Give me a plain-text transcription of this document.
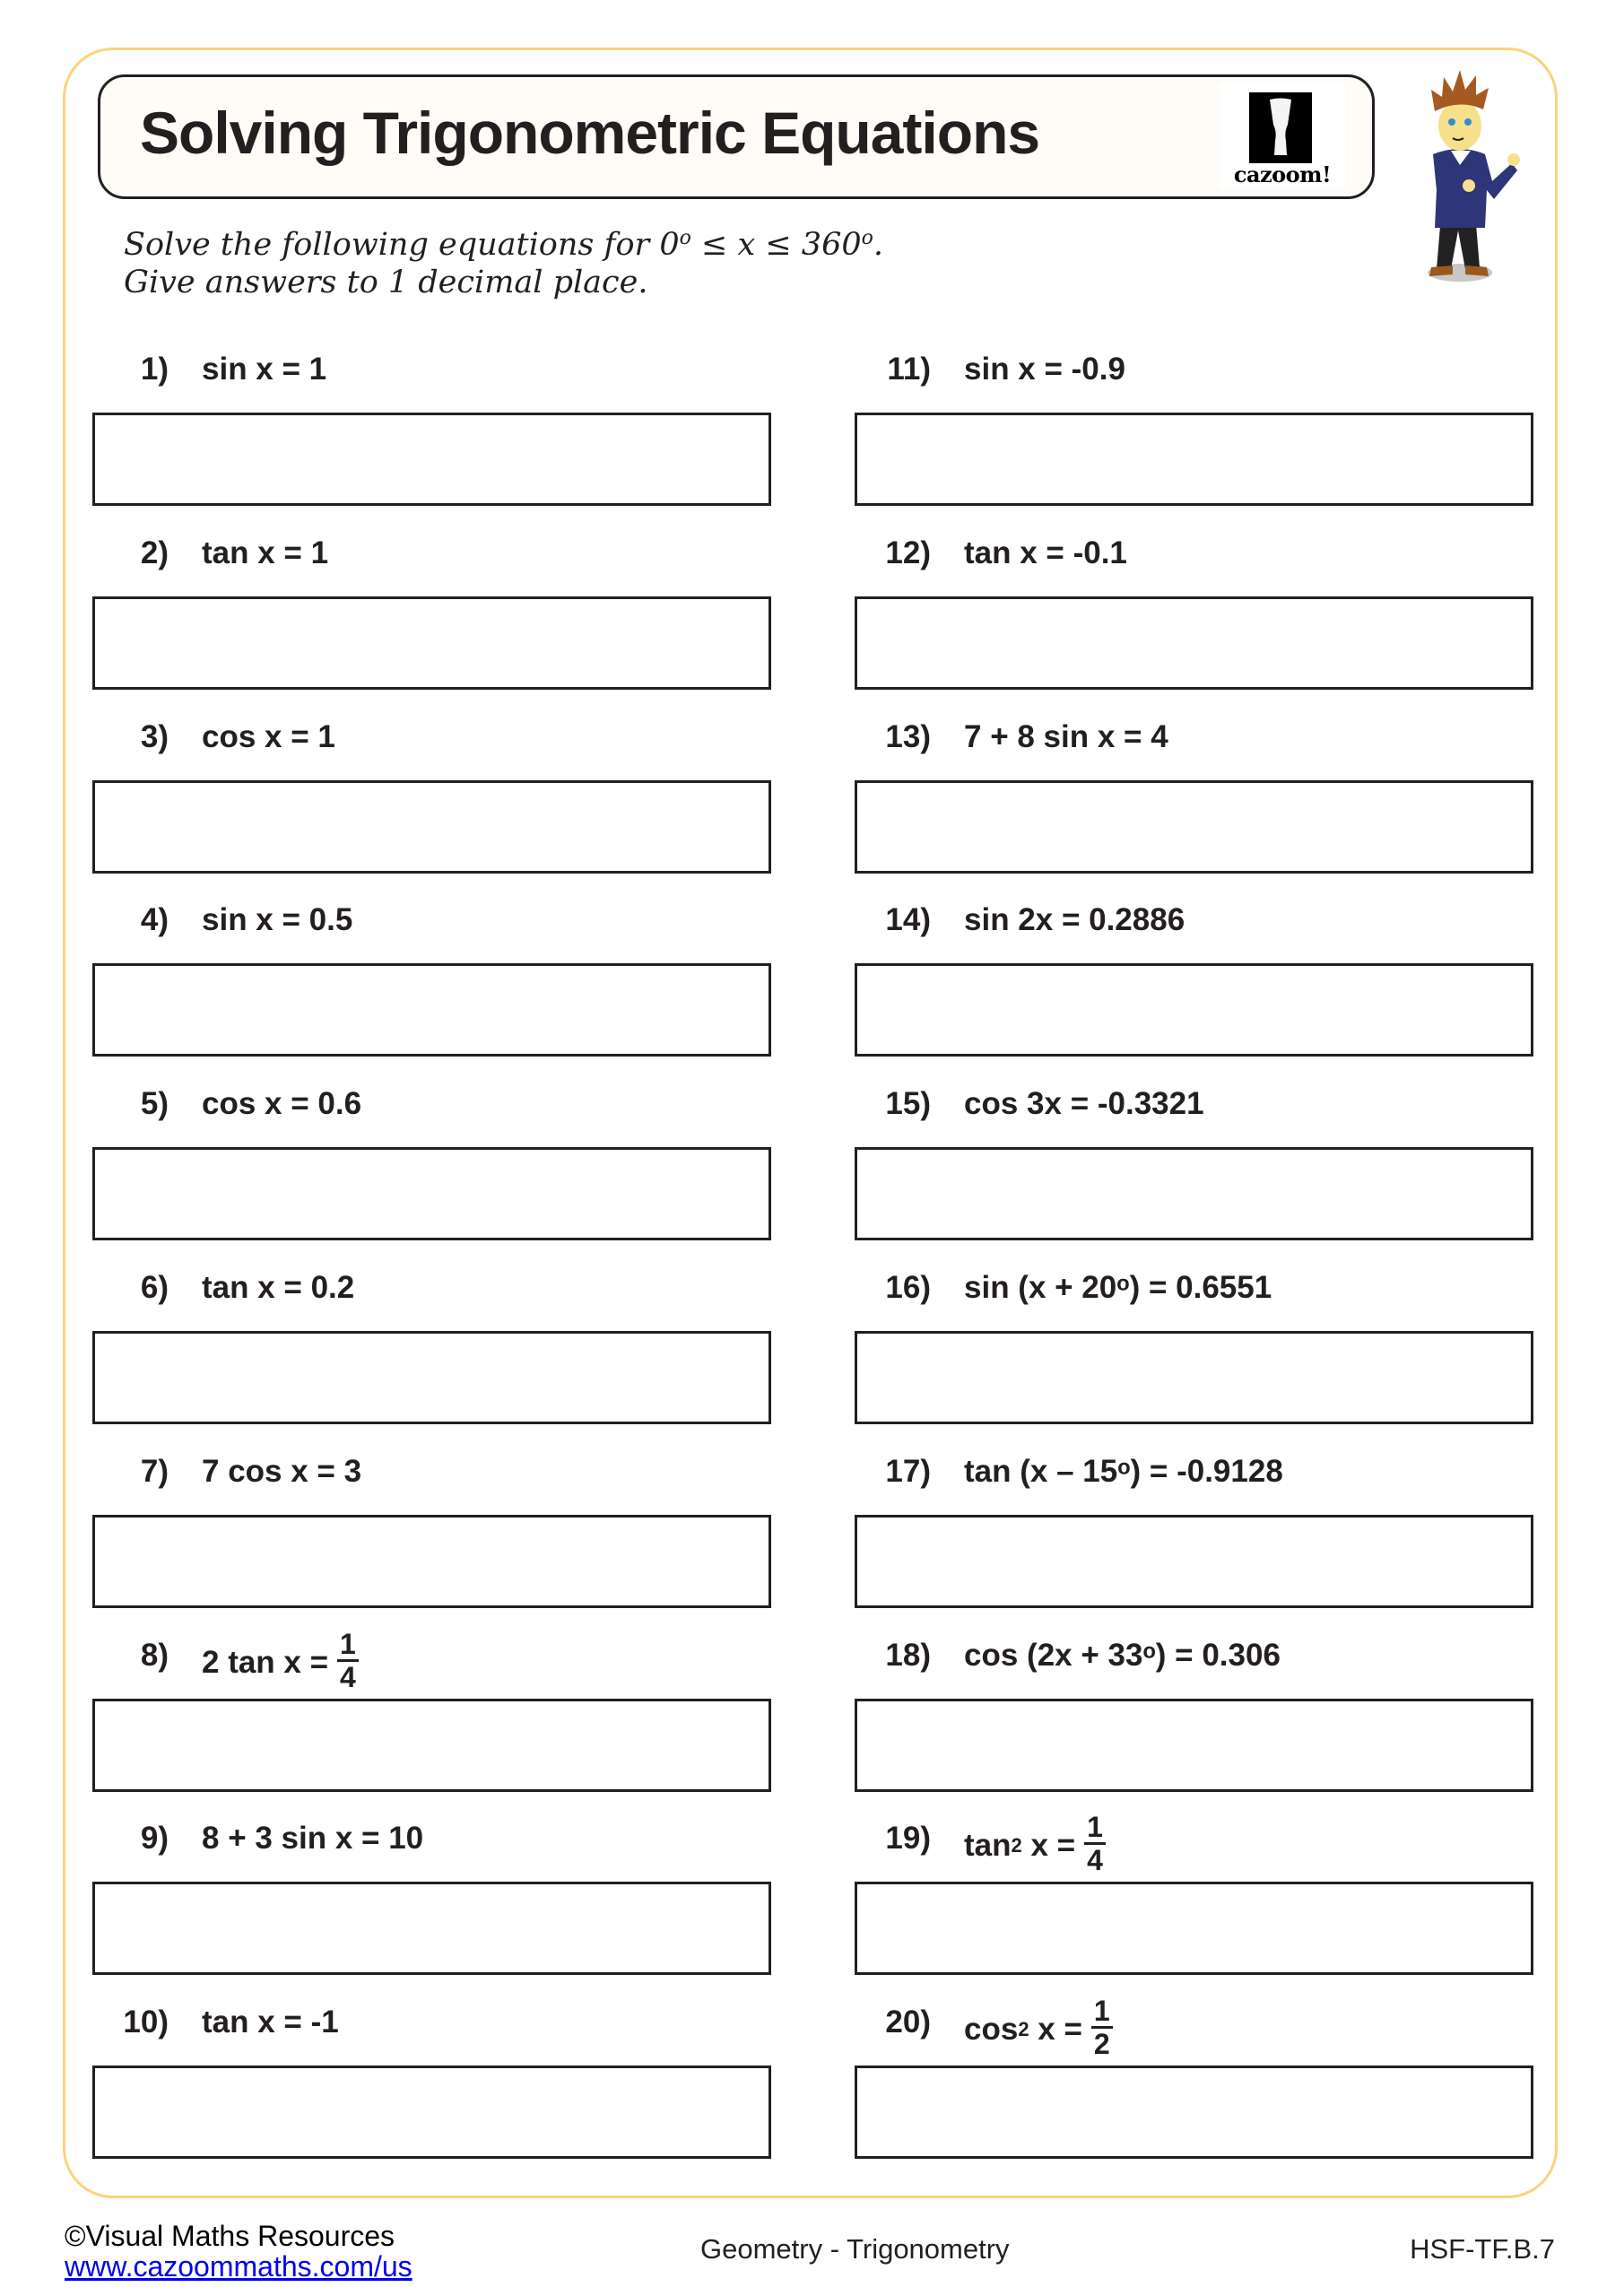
Solving Trigonometric Equations
cazoom!
Solve the following equations for $0^o \le x \le 360^o$.
Give answers to 1 decimal place.
1) sin x = 1
2) tan x = 1
3) cos x = 1
4) sin x = 0.5
5) cos x = 0.6
6) tan x = 0.2
7) 7 cos x = 3
8) 2 $\tan x = \frac{1}{4}$
9) 8 + 3 sin x = 10
10) tan x = -1
11) sin x = -0.9
12) tan x = -0.1
13) 7 + 8 sin x = 4
14) sin 2x = 0.2886
15) cos 3x = -0.3321
16) sin (x + 20ᵒ) = 0.6551
17) tan (x – 15ᵒ) = -0.9128
18) cos (2x + 33ᵒ) = 0.306
19) tan 2 $x = \frac{1}{4}$
20) cos 2 $x = \frac{1}{2}$
©Visual Maths Resources
www.cazoommaths.com/us
Geometry - Trigonometry	HSF-TF.B.7
